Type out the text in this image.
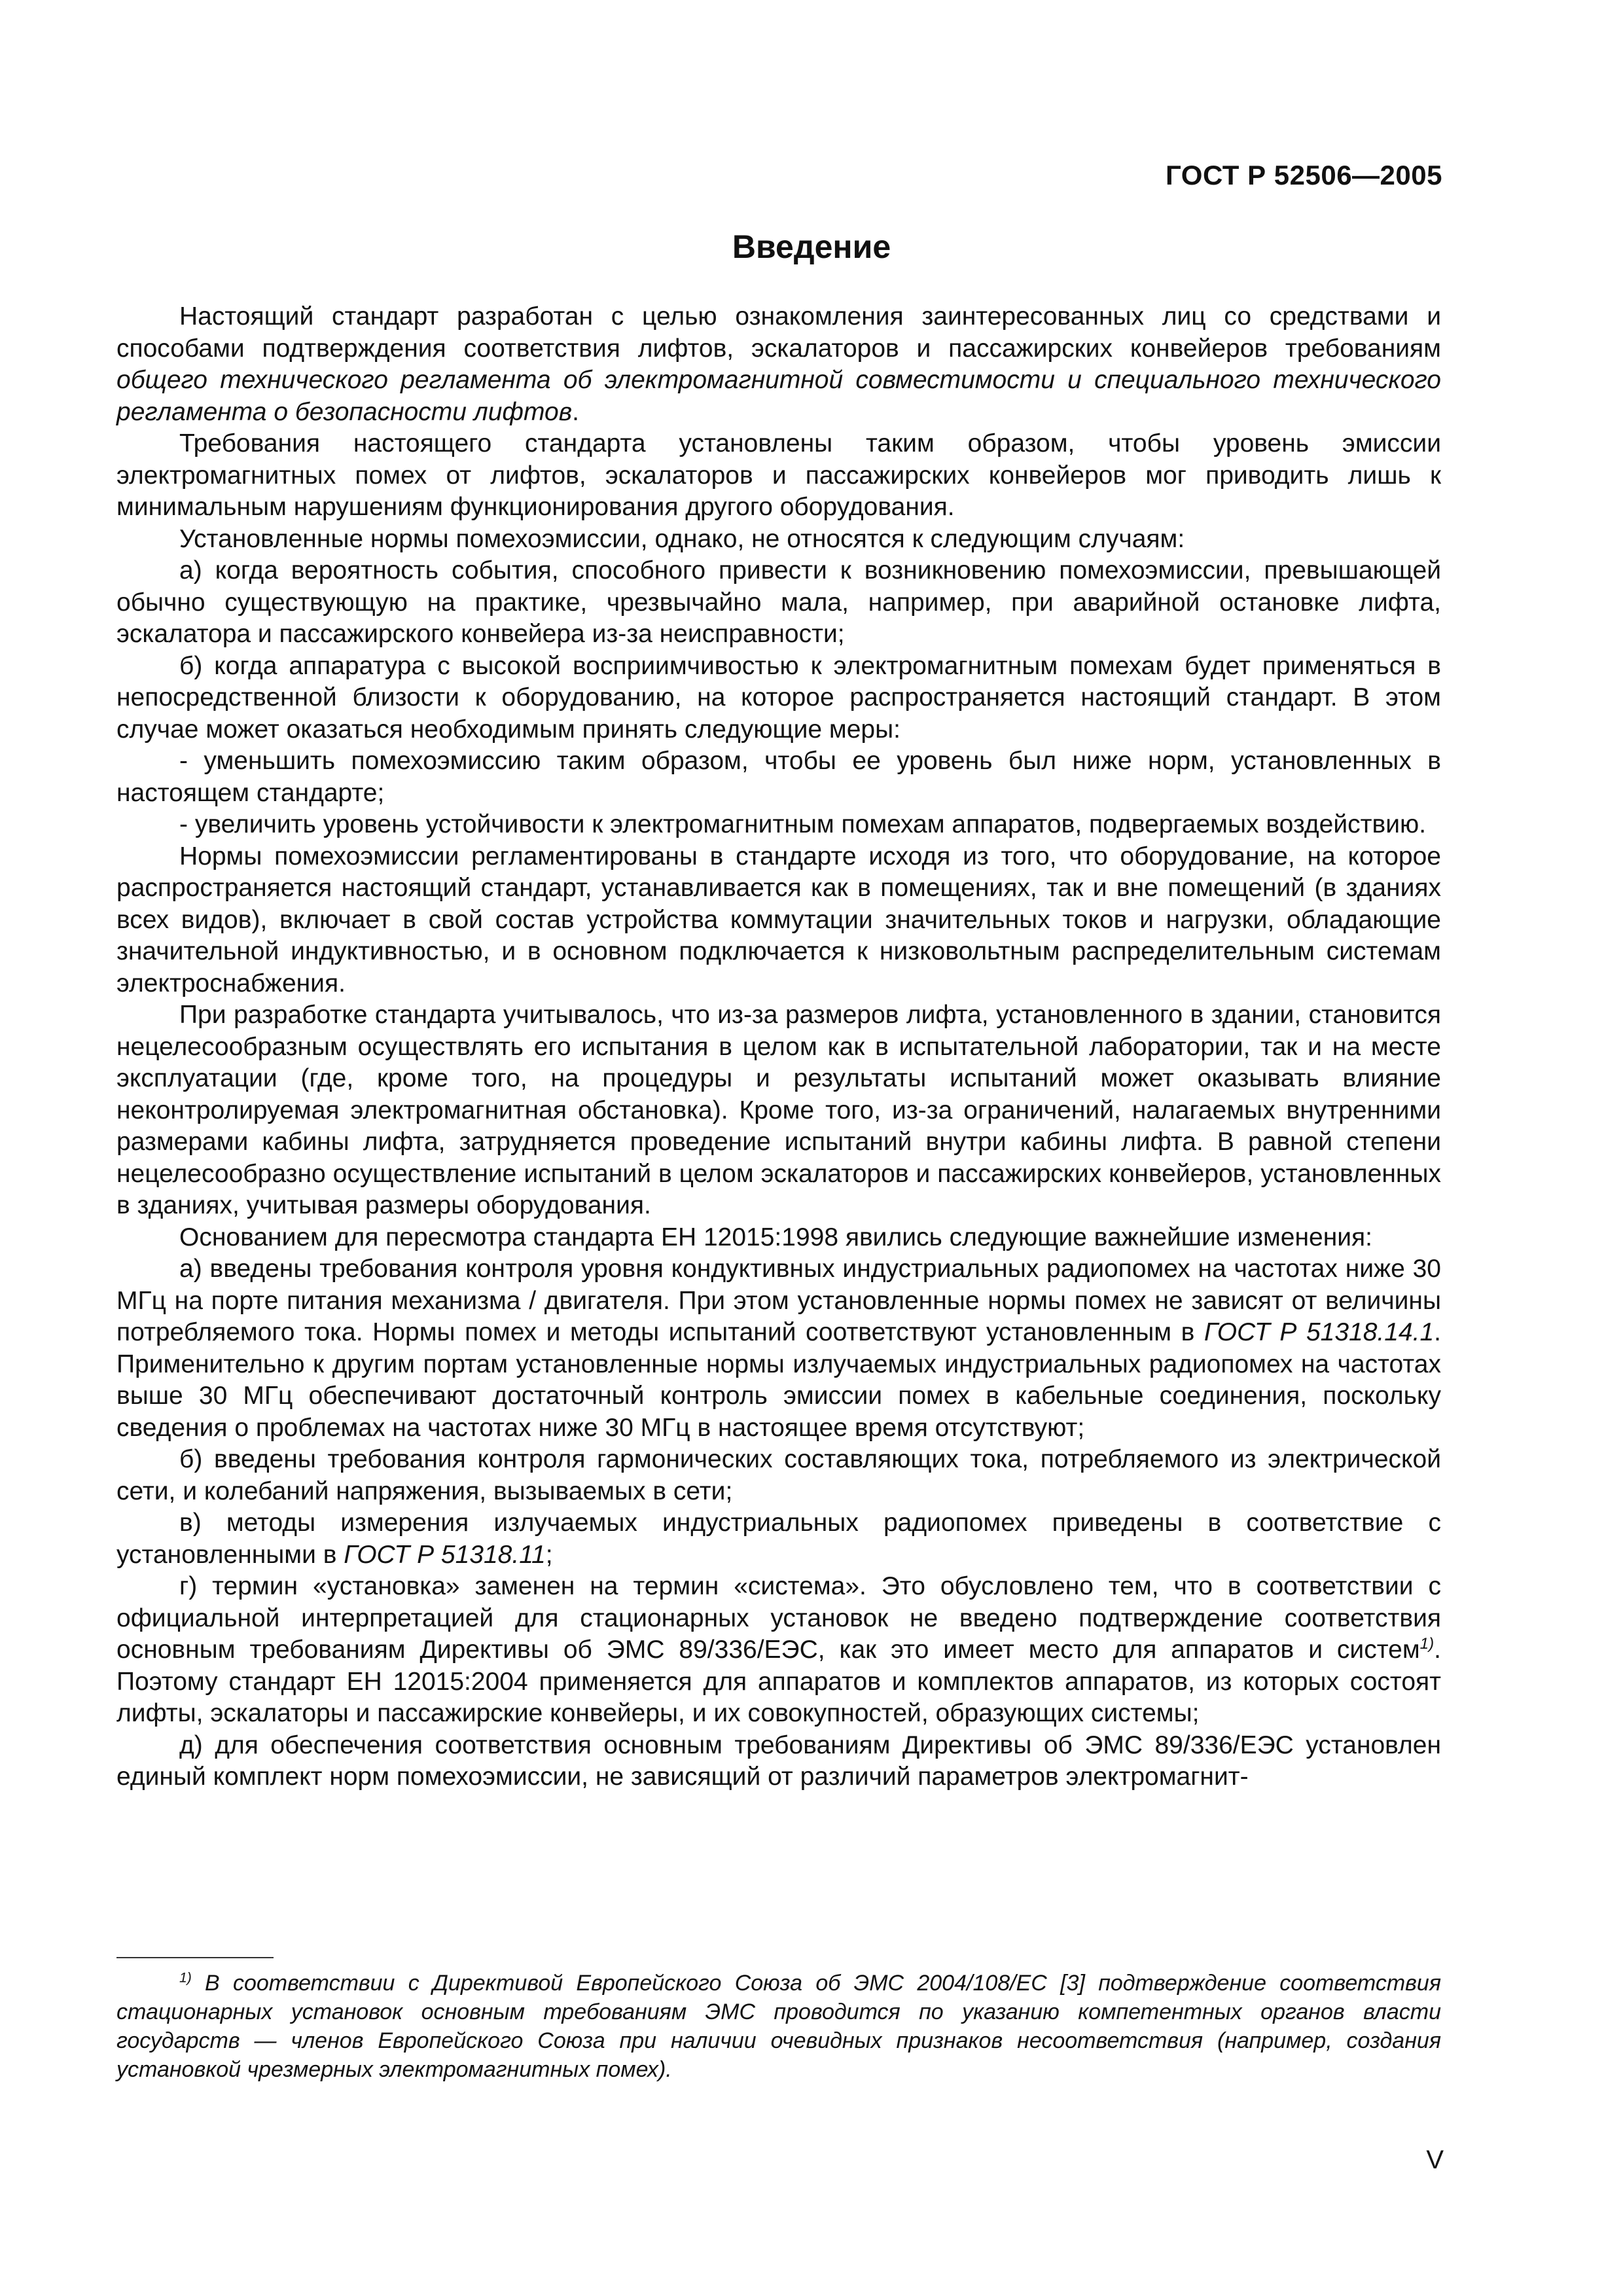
ГОСТ Р 52506—2005
Введение

Настоящий стандарт разработан с целью ознакомления заинтересованных лиц со средствами и способами подтверждения соответствия лифтов, эскалаторов и пассажирских конвейеров требованиям общего технического регламента об электромагнитной совместимости и специального технического регламента о безопасности лифтов.

Требования настоящего стандарта установлены таким образом, чтобы уровень эмиссии электромагнитных помех от лифтов, эскалаторов и пассажирских конвейеров мог приводить лишь к минимальным нарушениям функционирования другого оборудования.

Установленные нормы помехоэмиссии, однако, не относятся к следующим случаям:

а) когда вероятность события, способного привести к возникновению помехоэмиссии, превышающей обычно существующую на практике, чрезвычайно мала, например, при аварийной остановке лифта, эскалатора и пассажирского конвейера из-за неисправности;

б) когда аппаратура с высокой восприимчивостью к электромагнитным помехам будет применяться в непосредственной близости к оборудованию, на которое распространяется настоящий стандарт. В этом случае может оказаться необходимым принять следующие меры:

- уменьшить помехоэмиссию таким образом, чтобы ее уровень был ниже норм, установленных в настоящем стандарте;

- увеличить уровень устойчивости к электромагнитным помехам аппаратов, подвергаемых воздействию.

Нормы помехоэмиссии регламентированы в стандарте исходя из того, что оборудование, на которое распространяется настоящий стандарт, устанавливается как в помещениях, так и вне помещений (в зданиях всех видов), включает в свой состав устройства коммутации значительных токов и нагрузки, обладающие значительной индуктивностью, и в основном подключается к низковольтным распределительным системам электроснабжения.

При разработке стандарта учитывалось, что из-за размеров лифта, установленного в здании, становится нецелесообразным осуществлять его испытания в целом как в испытательной лаборатории, так и на месте эксплуатации (где, кроме того, на процедуры и результаты испытаний может оказывать влияние неконтролируемая электромагнитная обстановка). Кроме того, из-за ограничений, налагаемых внутренними размерами кабины лифта, затрудняется проведение испытаний внутри кабины лифта. В равной степени нецелесообразно осуществление испытаний в целом эскалаторов и пассажирских конвейеров, установленных в зданиях, учитывая размеры оборудования.

Основанием для пересмотра стандарта ЕН 12015:1998 явились следующие важнейшие изменения:

а) введены требования контроля уровня кондуктивных индустриальных радиопомех на частотах ниже 30 МГц на порте питания механизма / двигателя. При этом установленные нормы помех не зависят от величины потребляемого тока. Нормы помех и методы испытаний соответствуют установленным в ГОСТ Р 51318.14.1. Применительно к другим портам установленные нормы излучаемых индустриальных радиопомех на частотах выше 30 МГц обеспечивают достаточный контроль эмиссии помех в кабельные соединения, поскольку сведения о проблемах на частотах ниже 30 МГц в настоящее время отсутствуют;

б) введены требования контроля гармонических составляющих тока, потребляемого из электрической сети, и колебаний напряжения, вызываемых в сети;

в) методы измерения излучаемых индустриальных радиопомех приведены в соответствие с установленными в ГОСТ Р 51318.11;

г) термин «установка» заменен на термин «система». Это обусловлено тем, что в соответствии с официальной интерпретацией для стационарных установок не введено подтверждение соответствия основным требованиям Директивы об ЭМС 89/336/ЕЭС, как это имеет место для аппаратов и систем$^{1)}$. Поэтому стандарт ЕН 12015:2004 применяется для аппаратов и комплектов аппаратов, из которых состоят лифты, эскалаторы и пассажирские конвейеры, и их совокупностей, образующих системы;

д) для обеспечения соответствия основным требованиям Директивы об ЭМС 89/336/ЕЭС установлен единый комплект норм помехоэмиссии, не зависящий от различий параметров электромагнит-

$^{1)}$ В соответствии с Директивой Европейского Союза об ЭМС 2004/108/ЕС [3] подтверждение соответствия стационарных установок основным требованиям ЭМС проводится по указанию компетентных органов власти государств — членов Европейского Союза при наличии очевидных признаков несоответствия (например, создания установкой чрезмерных электромагнитных помех).

V
